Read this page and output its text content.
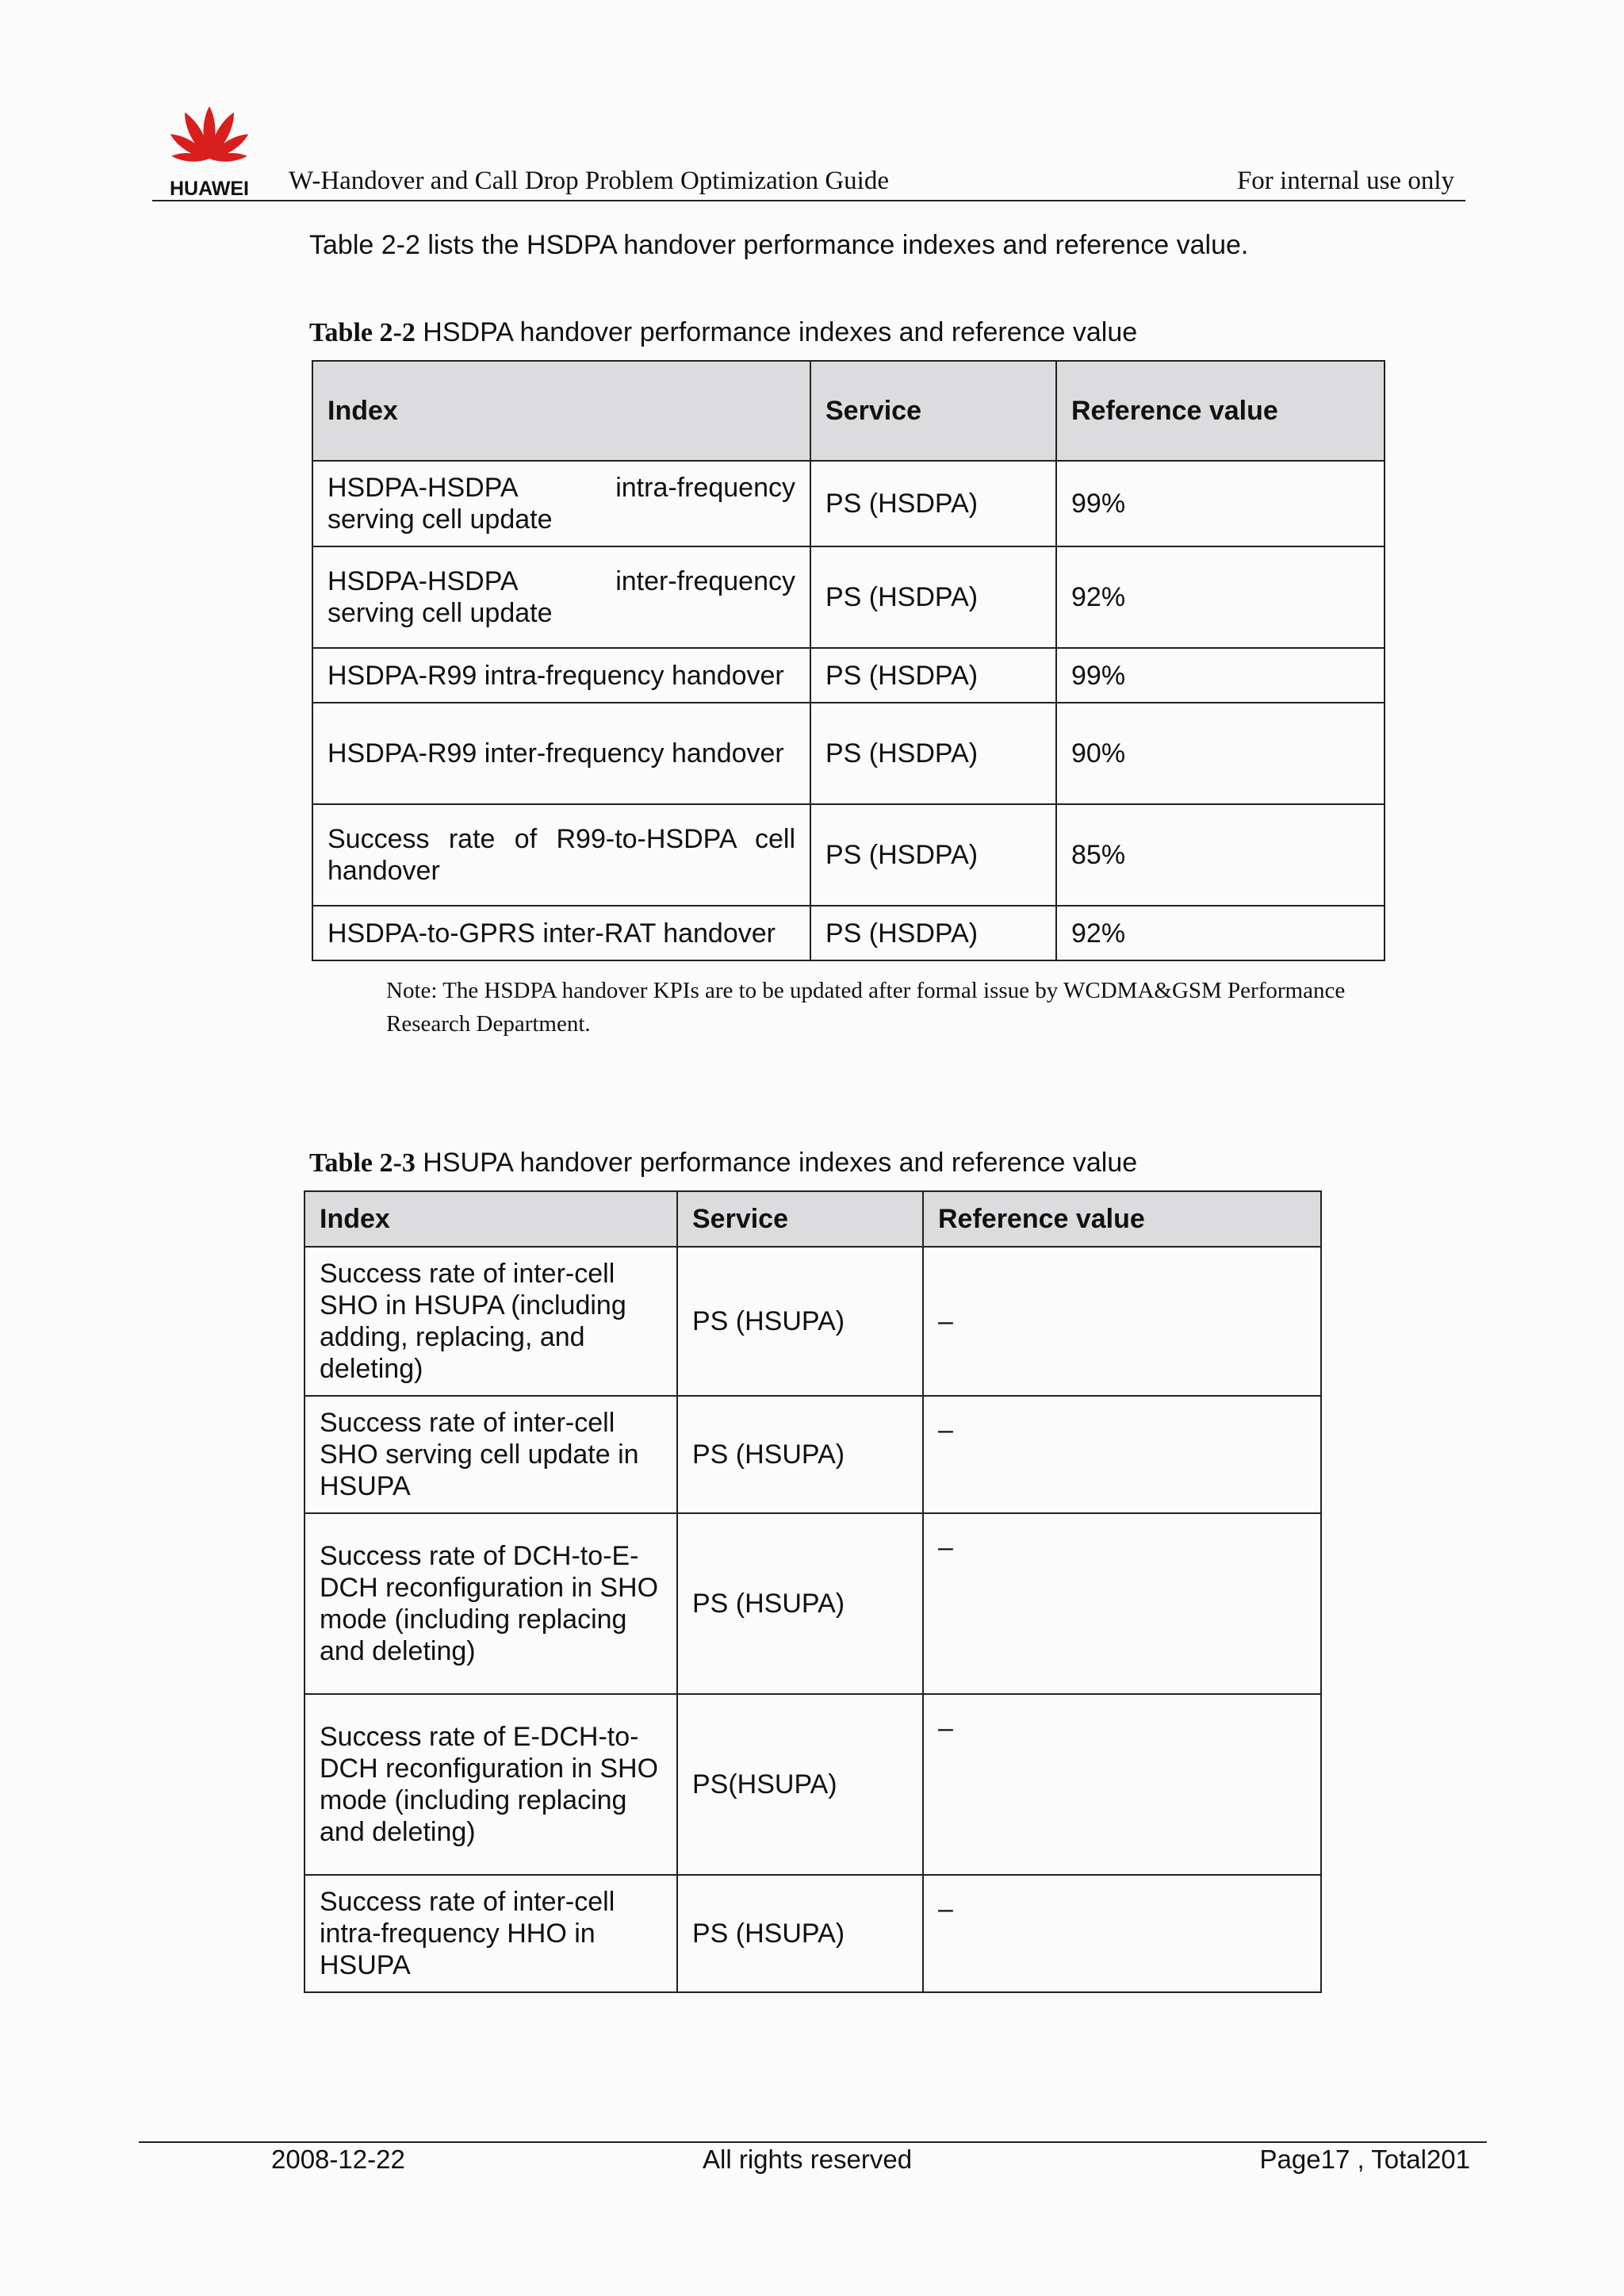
HUAWEI W-Handover and Call Drop Problem Optimization Guide	For internal use only
Table 2-2 lists the HSDPA handover performance indexes and reference value.
Table 2-2 HSDPA handover performance indexes and reference value
Index	Service	Reference value
HSDPA-HSDPA intra-frequency serving cell update	PS (HSDPA)	99%
HSDPA-HSDPA inter-frequency serving cell update	PS (HSDPA)	92%
HSDPA-R99 intra-frequency handover	PS (HSDPA)	99%
HSDPA-R99 inter-frequency handover	PS (HSDPA)	90%
Success rate of R99-to-HSDPA cell handover	PS (HSDPA)	85%
HSDPA-to-GPRS inter-RAT handover	PS (HSDPA)	92%
Note: The HSDPA handover KPIs are to be updated after formal issue by WCDMA&GSM Performance Research Department.
Table 2-3 HSUPA handover performance indexes and reference value
Index	Service	Reference value
Success rate of inter-cell SHO in HSUPA (including adding, replacing, and deleting)	PS (HSUPA)	–
Success rate of inter-cell SHO serving cell update in HSUPA	PS (HSUPA)	–
Success rate of DCH-to-E-DCH reconfiguration in SHO mode (including replacing and deleting)	PS (HSUPA)	–
Success rate of E-DCH-to-DCH reconfiguration in SHO mode (including replacing and deleting)	PS(HSUPA)	–
Success rate of inter-cell intra-frequency HHO in HSUPA	PS (HSUPA)	–
2008-12-22	All rights reserved	Page17 , Total201
